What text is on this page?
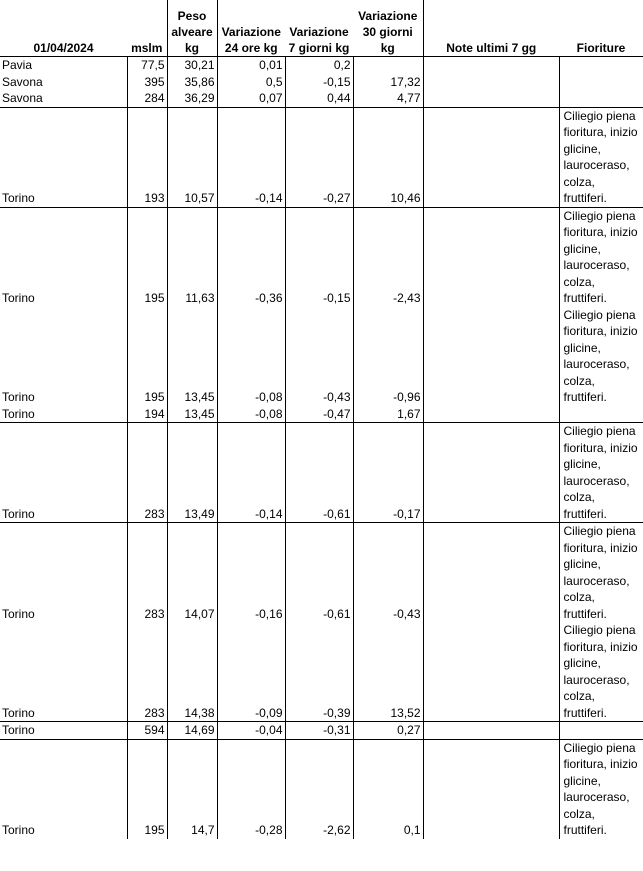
01/04/2024	mslm	Peso alveare kg	Variazione 24 ore kg	Variazione 7 giorni kg	Variazione 30 giorni kg	Note ultimi 7 gg	Fioriture
Pavia	77,5	30,21	0,01	0,2			
Savona	395	35,86	0,5	-0,15	17,32		
Savona	284	36,29	0,07	0,44	4,77		
Torino	193	10,57	-0,14	-0,27	10,46		Ciliegio piena fioritura, inizio glicine, lauroceraso, colza, fruttiferi.
Torino	195	11,63	-0,36	-0,15	-2,43		Ciliegio piena fioritura, inizio glicine, lauroceraso, colza, fruttiferi.
Torino	195	13,45	-0,08	-0,43	-0,96		Ciliegio piena fioritura, inizio glicine, lauroceraso, colza, fruttiferi.
Torino	194	13,45	-0,08	-0,47	1,67		
Torino	283	13,49	-0,14	-0,61	-0,17		Ciliegio piena fioritura, inizio glicine, lauroceraso, colza, fruttiferi.
Torino	283	14,07	-0,16	-0,61	-0,43		Ciliegio piena fioritura, inizio glicine, lauroceraso, colza, fruttiferi.
Torino	283	14,38	-0,09	-0,39	13,52		Ciliegio piena fioritura, inizio glicine, lauroceraso, colza, fruttiferi.
Torino	594	14,69	-0,04	-0,31	0,27		
Torino	195	14,7	-0,28	-2,62	0,1		Ciliegio piena fioritura, inizio glicine, lauroceraso, colza, fruttiferi.
